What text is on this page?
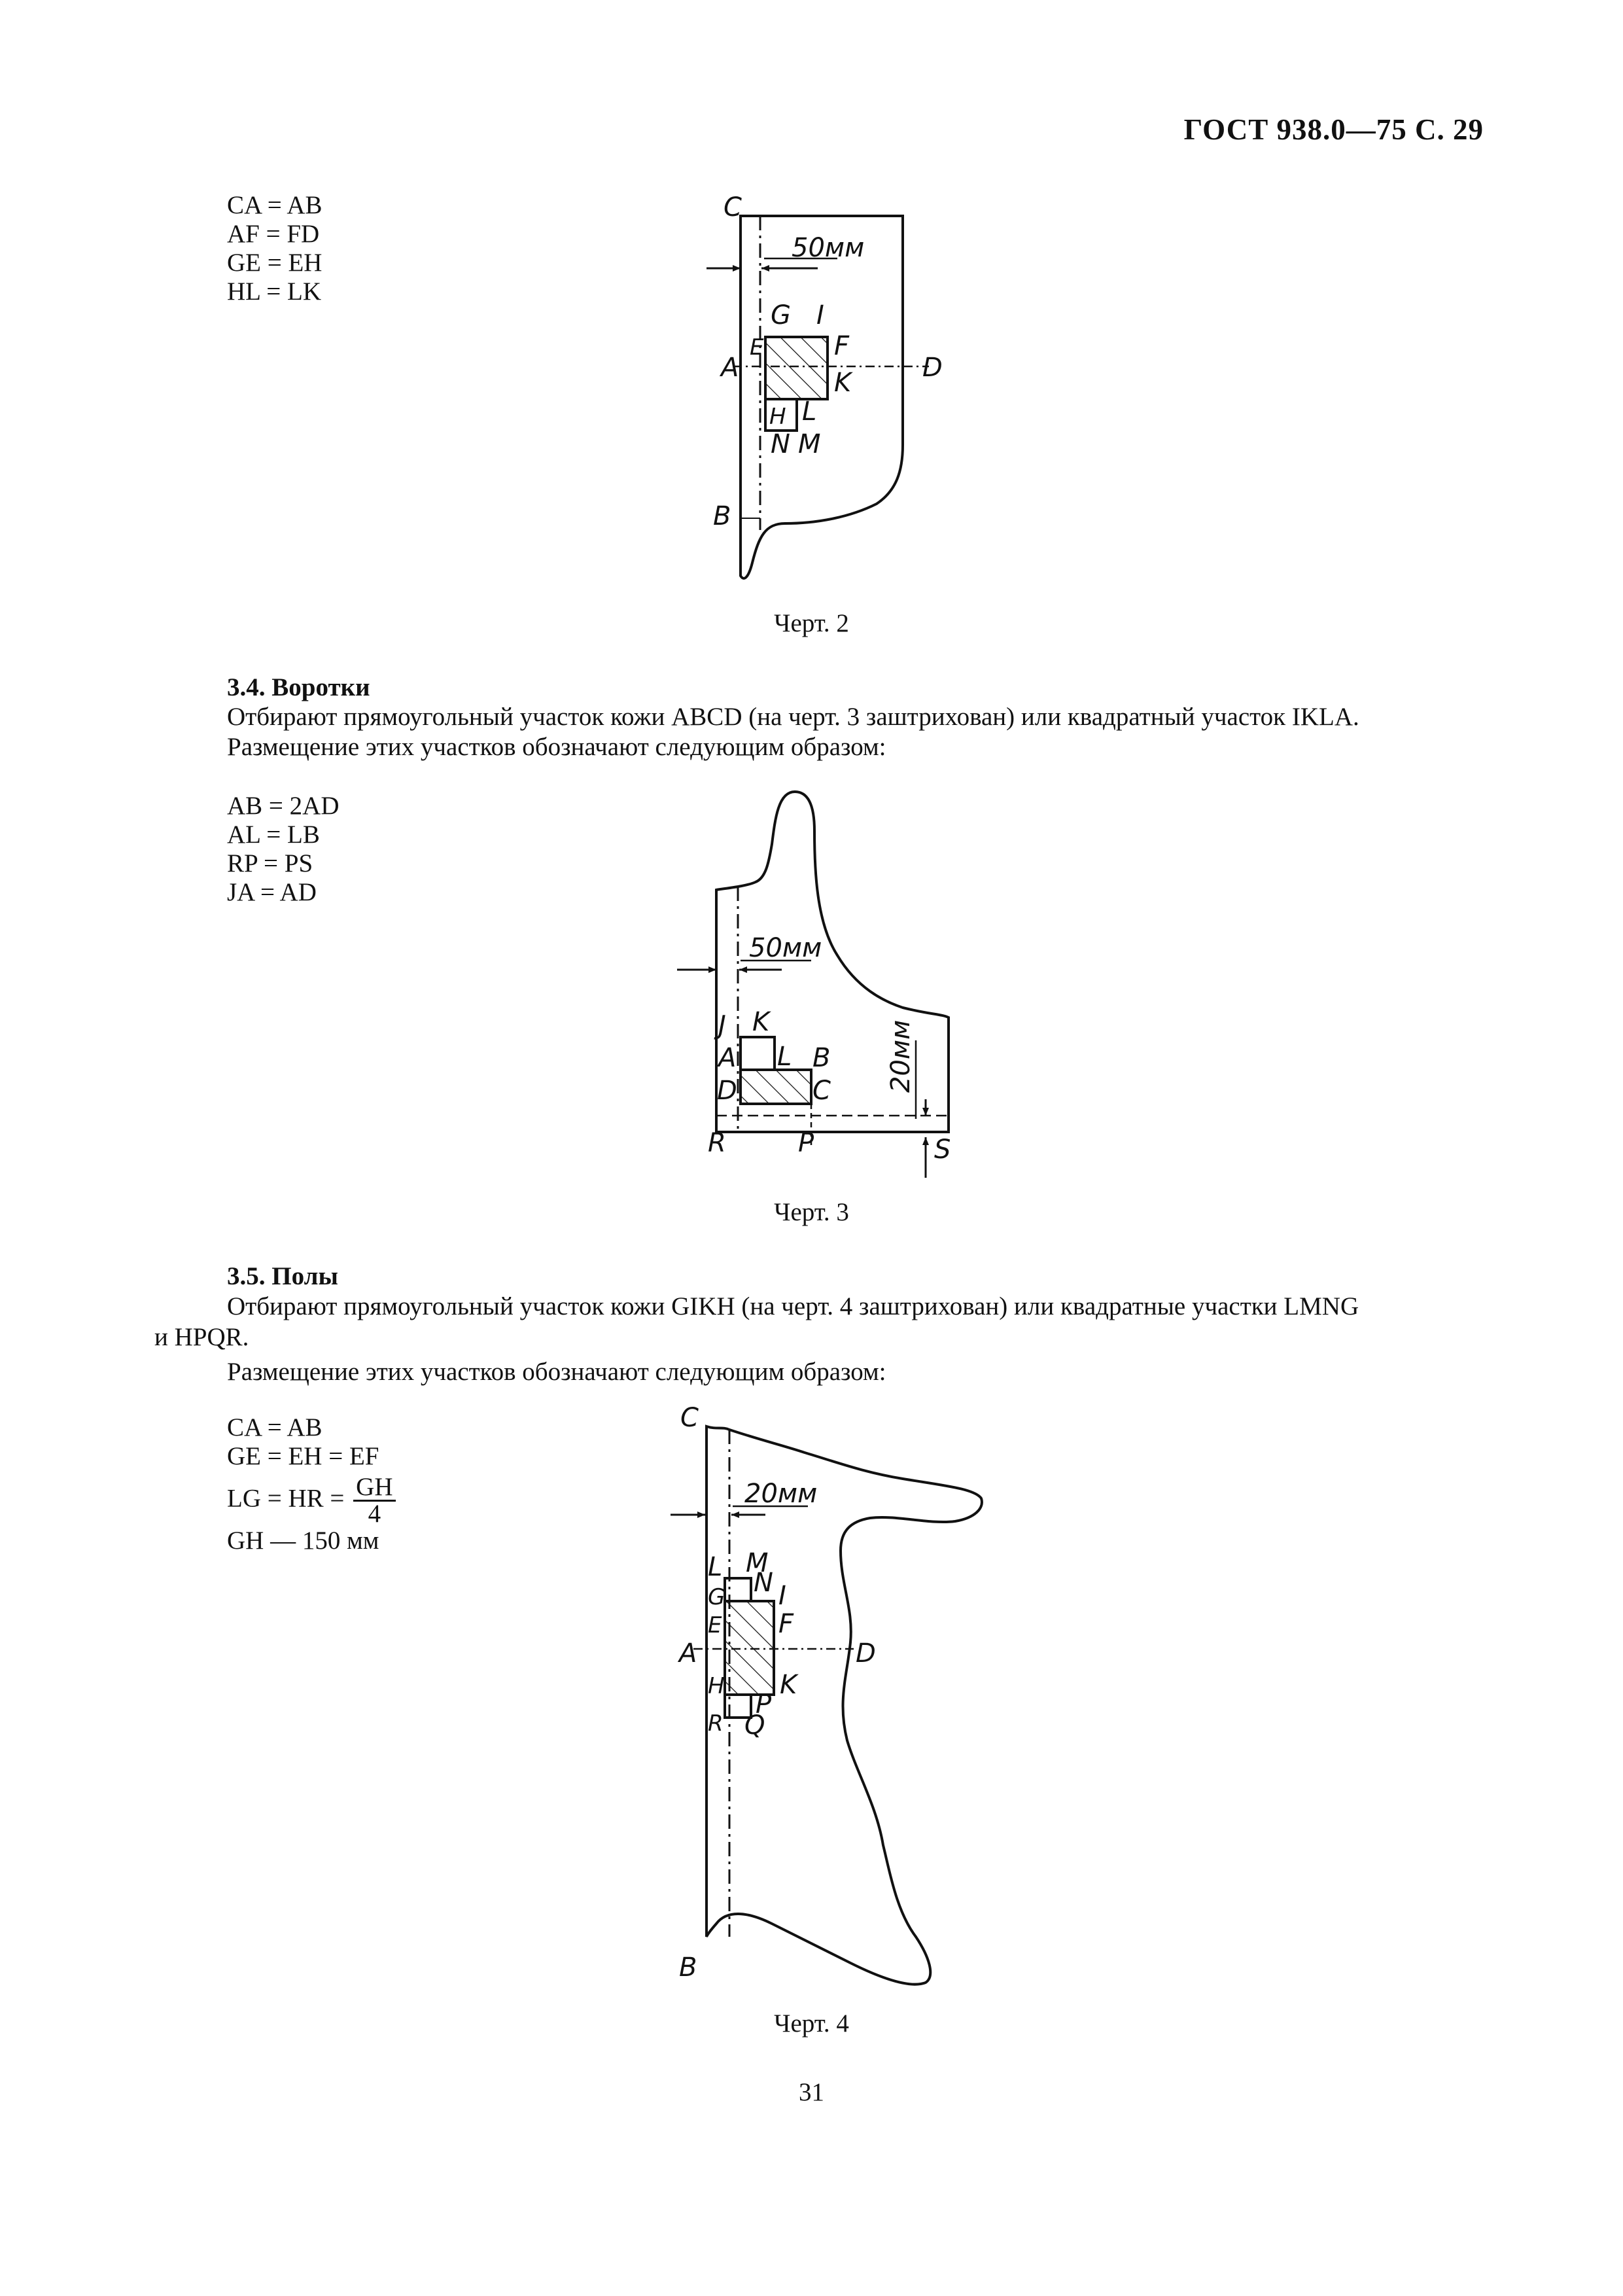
ГОСТ 938.0—75 С. 29
CA = AB
AF = FD
GE = EH
HL = LK
50мм
C
G I
E	F
A	D
K
H L
N M
B
Черт. 2
3.4. Воротки
Отбирают прямоугольный участок кожи ABCD (на черт. 3 заштрихован) или квадратный участок IKLA.
Размещение этих участков обозначают следующим образом:
AB = 2AD
AL = LB
RP = PS
JA = AD
50мм
20мм
J K
A L B
D	C
R	P	S
Черт. 3
3.5. Полы
Отбирают прямоугольный участок кожи GIKH (на черт. 4 заштрихован) или квадратные участки LMNG
и HPQR.
Размещение этих участков обозначают следующим образом:
CA = AB
GE = EH = EF
LG = HR = $\frac{GH}{4}$
GH — 150 мм
20мм
C
L M
N
G I
E F
A	D
H K
P
R Q
B
Черт. 4
31
